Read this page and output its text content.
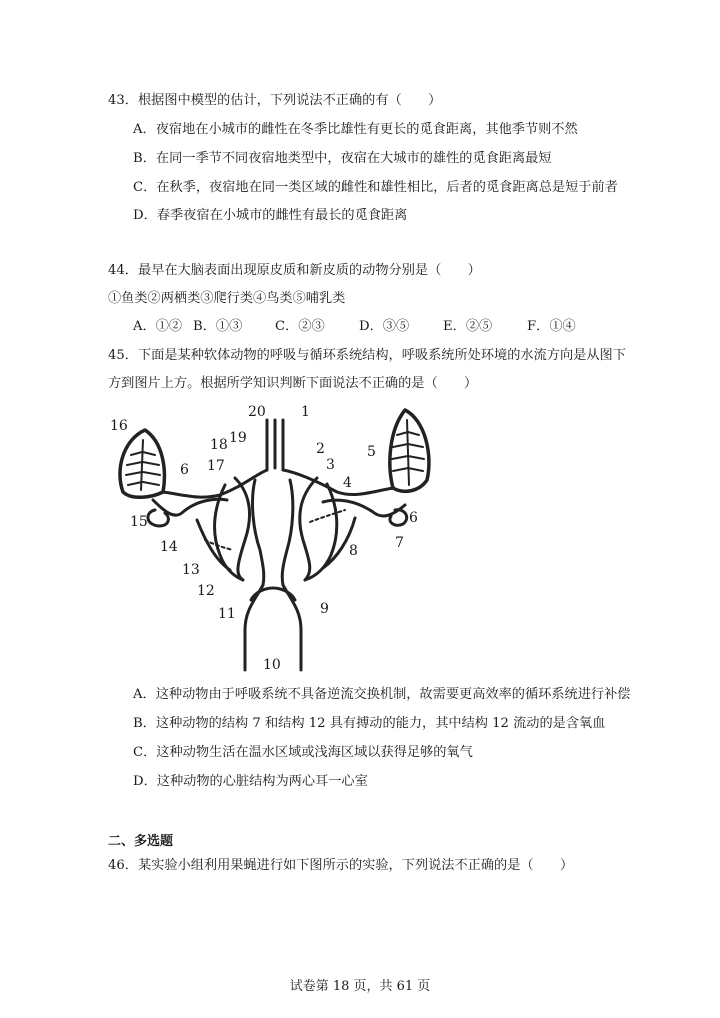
43．根据图中模型的估计，下列说法不正确的有（　　）
A．夜宿地在小城市的雌性在冬季比雄性有更长的觅食距离，其他季节则不然
B．在同一季节不同夜宿地类型中，夜宿在大城市的雄性的觅食距离最短
C．在秋季，夜宿地在同一类区域的雌性和雄性相比，后者的觅食距离总是短于前者
D．春季夜宿在小城市的雌性有最长的觅食距离
44．最早在大脑表面出现原皮质和新皮质的动物分别是（　　）
①鱼类②两栖类③爬行类④鸟类⑤哺乳类
A．①② B．①③ C．②③	D．③⑤	E．②⑤	F．①④
45．下面是某种软体动物的呼吸与循环系统结构，呼吸系统所处环境的水流方向是从图下
方到图片上方。根据所学知识判断下面说法不正确的是（　　）
20	1
16
18 19
2	5
6 17	3
4
15	6
7
14	8
13
12
9
11
10
A．这种动物由于呼吸系统不具备逆流交换机制，故需要更高效率的循环系统进行补偿
B．这种动物的结构 7 和结构 12 具有搏动的能力，其中结构 12 流动的是含氧血
C．这种动物生活在温水区域或浅海区域以获得足够的氧气
D．这种动物的心脏结构为两心耳一心室
二、多选题
46．某实验小组利用果蝇进行如下图所示的实验，下列说法不正确的是（　　）
试卷第 18 页，共 61 页
